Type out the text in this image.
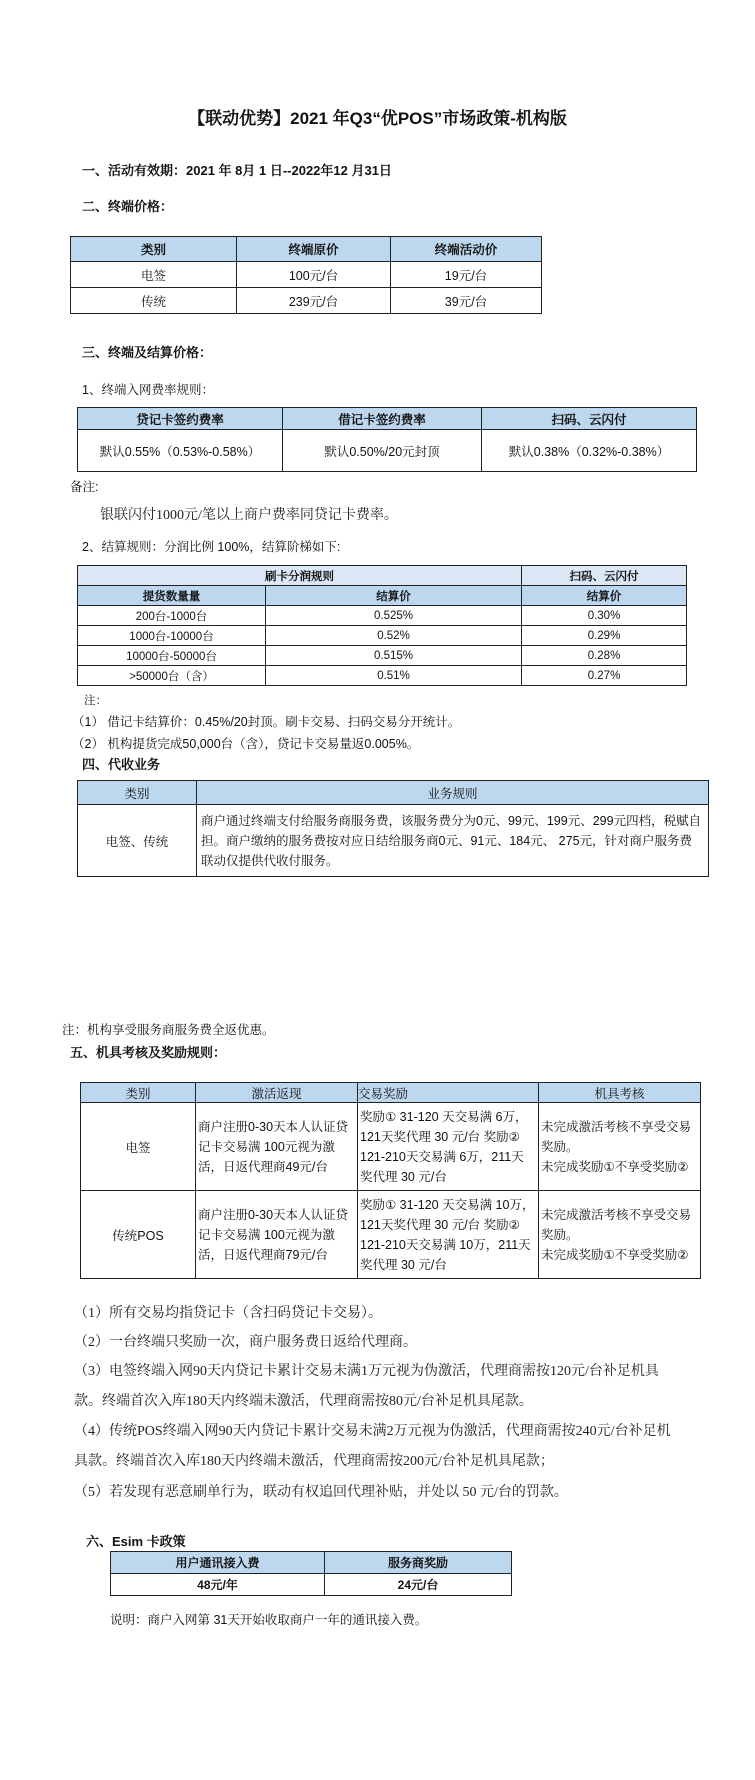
【联动优势】2021 年Q3“优POS”市场政策-机构版
一、活动有效期：2021 年 8月 1 日--2022年12 月31日
二、终端价格：
类别	终端原价	终端活动价
电签	100元/台	19元/台
传统	239元/台	39元/台
三、终端及结算价格：
1、终端入网费率规则：
贷记卡签约费率	借记卡签约费率	扫码、云闪付
默认0.55%（0.53%-0.58%）	默认0.50%/20元封顶	默认0.38%（0.32%-0.38%）
备注:
银联闪付1000元/笔以上商户费率同贷记卡费率。
2、结算规则：分润比例 100%，结算阶梯如下:
刷卡分润规则		扫码、云闪付
提货数量量	结算价	结算价
200台-1000台	0.525%	0.30%
1000台-10000台	0.52%	0.29%
10000台-50000台	0.515%	0.28%
>50000台（含）	0.51%	0.27%
注：
（1） 借记卡结算价：0.45%/20封顶。刷卡交易、扫码交易分开统计。
（2） 机构提货完成50,000台（含），贷记卡交易量返0.005%。
四、代收业务
类别	业务规则
电签、传统	商户通过终端支付给服务商服务费，该服务费分为0元、99元、199元、299元四档，税赋自担。商户缴纳的服务费按对应日结给服务商0元、91元、184元、 275元，针对商户服务费联动仅提供代收付服务。
注：机构享受服务商服务费全返优惠。
五、机具考核及奖励规则：
类别	激活返现	交易奖励	机具考核
电签	商户注册0-30天本人认证贷记卡交易满 100元视为激活，日返代理商49元/台	奖励① 31-120 天交易满 6万，121天奖代理 30 元/台 奖励② 121-210天交易满 6万，211天奖代理 30 元/台	未完成激活考核不享受交易奖励。
未完成奖励①不享受奖励②

传统POS	商户注册0-30天本人认证贷记卡交易满 100元视为激活，日返代理商79元/台	奖励① 31-120 天交易满 10万，121天奖代理 30 元/台 奖励② 121-210天交易满 10万，211天奖代理 30 元/台	未完成激活考核不享受交易奖励。
未完成奖励①不享受奖励②
（1）所有交易均指贷记卡（含扫码贷记卡交易）。
（2）一台终端只奖励一次，商户服务费日返给代理商。
（3）电签终端入网90天内贷记卡累计交易未满1万元视为伪激活，代理商需按120元/台补足机具
款。终端首次入库180天内终端未激活，代理商需按80元/台补足机具尾款。
（4）传统POS终端入网90天内贷记卡累计交易未满2万元视为伪激活，代理商需按240元/台补足机
具款。终端首次入库180天内终端未激活，代理商需按200元/台补足机具尾款；
（5）若发现有恶意刷单行为，联动有权追回代理补贴，并处以 50 元/台的罚款。
六、Esim 卡政策
用户通讯接入费	服务商奖励
48元/年	24元/台
说明：商户入网第 31天开始收取商户一年的通讯接入费。
